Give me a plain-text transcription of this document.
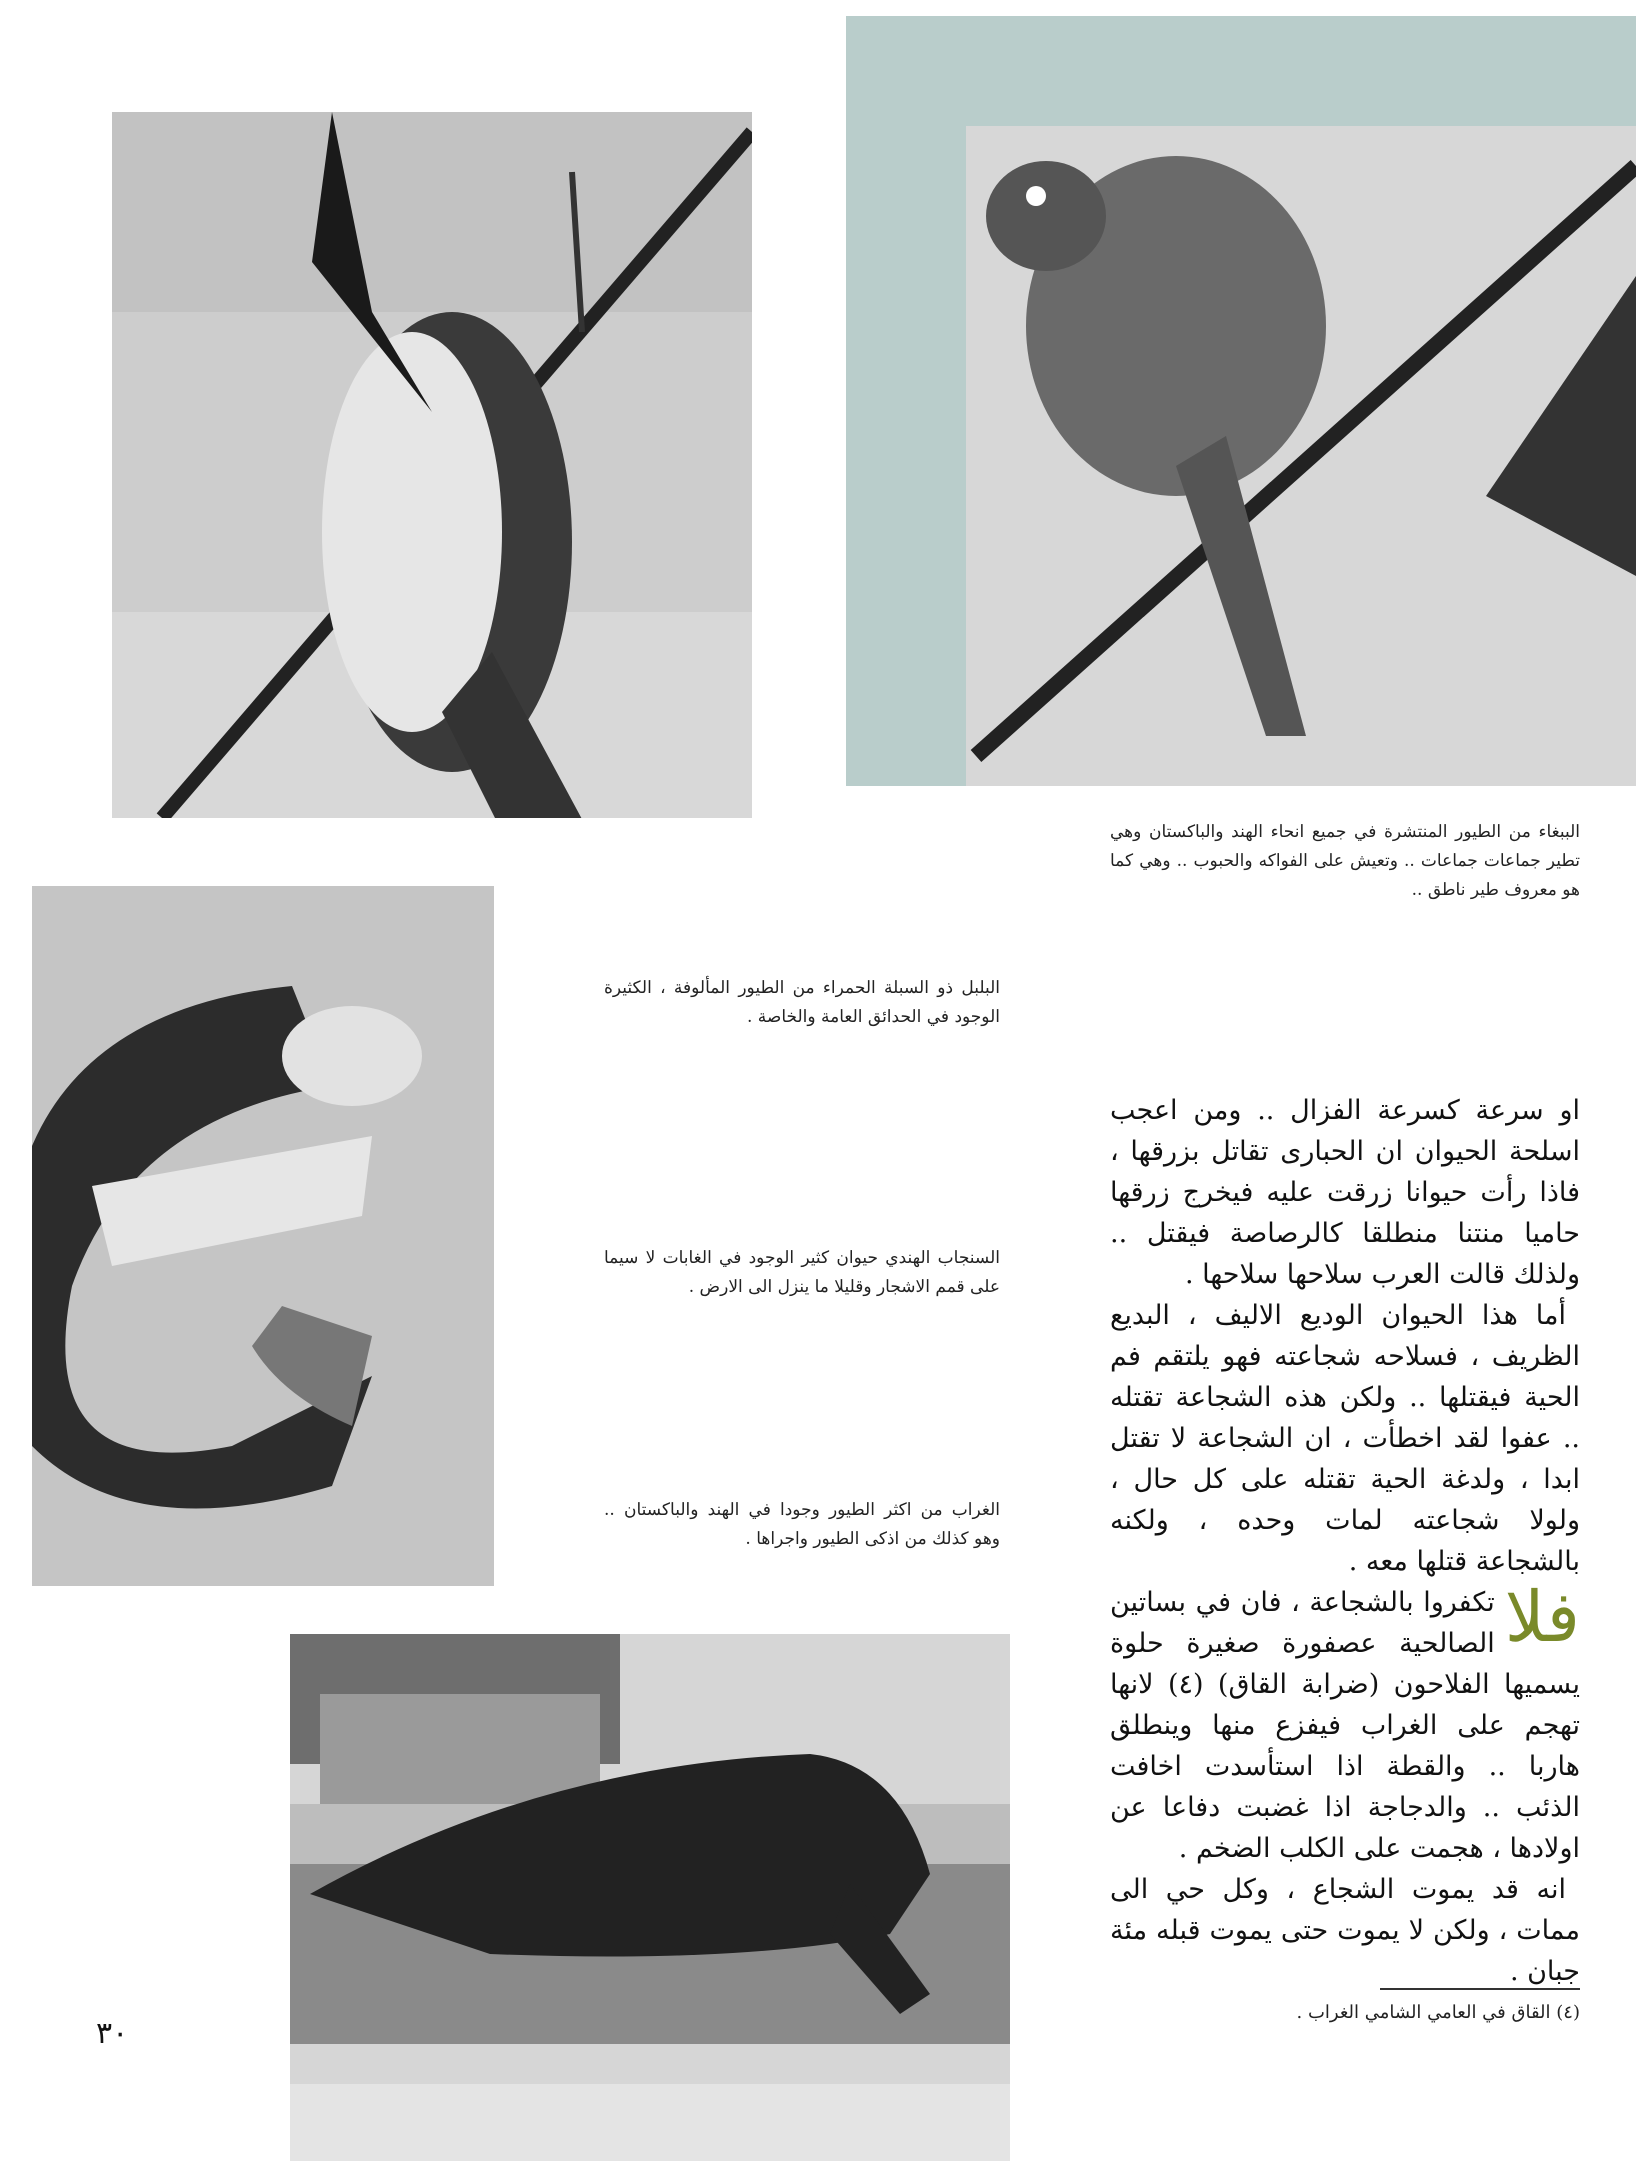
الببغاء من الطيور المنتشرة في جميع انحاء الهند والباكستان وهي تطير جماعات جماعات .. وتعيش على الفواكه والحبوب .. وهي كما هو معروف طير ناطق ..
البلبل ذو السبلة الحمراء من الطيور المألوفة ، الكثيرة الوجود في الحدائق العامة والخاصة .
السنجاب الهندي حيوان كثير الوجود في الغابات لا سيما على قمم الاشجار وقليلا ما ينزل الى الارض .
الغراب من اكثر الطيور وجودا في الهند والباكستان .. وهو كذلك من اذكى الطيور واجراها .

او سرعة كسرعة الفزال .. ومن اعجب اسلحة الحيوان ان الحبارى تقاتل بزرقها ، فاذا رأت حيوانا زرقت عليه فيخرج زرقها حاميا منتنا منطلقا كالرصاصة فيقتل .. ولذلك قالت العرب سلاحها سلاحها .

أما هذا الحيوان الوديع الاليف ، البديع الظريف ، فسلاحه شجاعته فهو يلتقم فم الحية فيقتلها .. ولكن هذه الشجاعة تقتله .. عفوا لقد اخطأت ، ان الشجاعة لا تقتل ابدا ، ولدغة الحية تقتله على كل حال ، ولولا شجاعته لمات وحده ، ولكنه بالشجاعة قتلها معه .

فلا
تكفروا بالشجاعة ، فان في بساتين الصالحية عصفورة صغيرة حلوة يسميها الفلاحون (ضرابة القاق) (٤) لانها تهجم على الغراب فيفزع منها وينطلق هاربا .. والقطة اذا استأسدت اخافت الذئب .. والدجاجة اذا غضبت دفاعا عن اولادها ، هجمت على الكلب الضخم .

انه قد يموت الشجاع ، وكل حي الى ممات ، ولكن لا يموت حتى يموت قبله مئة جبان .

(٤) القاق في العامي الشامي الغراب .
٣٠
